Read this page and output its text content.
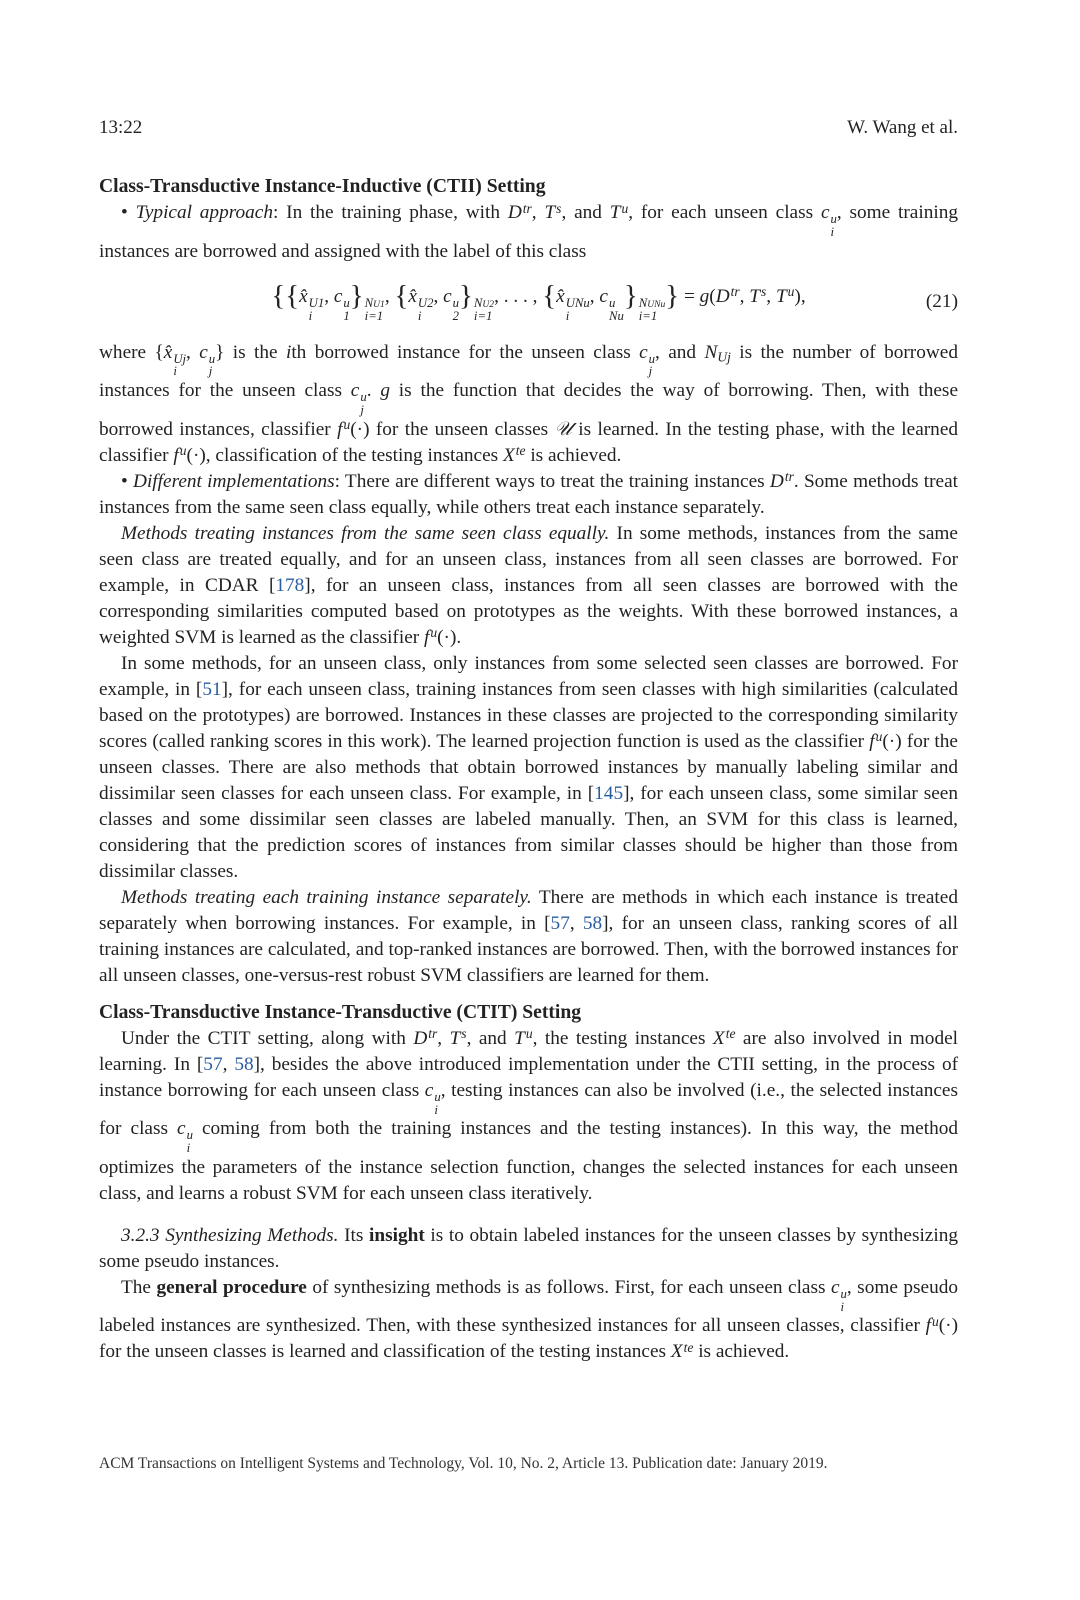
13:22	W. Wang et al.
Class-Transductive Instance-Inductive (CTII) Setting

• Typical approach: In the training phase, with $D^{tr}$, $T^s$, and $T^u$, for each unseen class c u
i
, some training instances are borrowed and assigned with the label of this class

{{x̂ U1
i
, c u
1
} NU1
i=1
, {x̂ U2
i
, c u
2
} NU2
i=1
, . . . , {x̂ UNu
i
, c u
Nu
} NUNu
i=1
} = $g(D^{tr}$, $T^s$, $T^u$),	(21)

where {x̂ Uj
i
, c u
j
} is the ith borrowed instance for the unseen class c u
j
, and NUj is the number of borrowed instances for the unseen class c u
j
. g is the function that decides the way of borrowing. Then, with these borrowed instances, classifier $f^u(\cdot)$ for the unseen classes 𝒰 is learned. In the testing phase, with the learned classifier $f^u(\cdot)$, classification of the testing instances $X^{te}$ is achieved.

• Different implementations: There are different ways to treat the training instances $D^{tr}$. Some methods treat instances from the same seen class equally, while others treat each instance separately.

Methods treating instances from the same seen class equally. In some methods, instances from the same seen class are treated equally, and for an unseen class, instances from all seen classes are borrowed. For example, in CDAR [178], for an unseen class, instances from all seen classes are borrowed with the corresponding similarities computed based on prototypes as the weights. With these borrowed instances, a weighted SVM is learned as the classifier $f^u(\cdot)$.

In some methods, for an unseen class, only instances from some selected seen classes are borrowed. For example, in [51], for each unseen class, training instances from seen classes with high similarities (calculated based on the prototypes) are borrowed. Instances in these classes are projected to the corresponding similarity scores (called ranking scores in this work). The learned projection function is used as the classifier $f^u(\cdot)$ for the unseen classes. There are also methods that obtain borrowed instances by manually labeling similar and dissimilar seen classes for each unseen class. For example, in [145], for each unseen class, some similar seen classes and some dissimilar seen classes are labeled manually. Then, an SVM for this class is learned, considering that the prediction scores of instances from similar classes should be higher than those from dissimilar classes.

Methods treating each training instance separately. There are methods in which each instance is treated separately when borrowing instances. For example, in [57, 58], for an unseen class, ranking scores of all training instances are calculated, and top-ranked instances are borrowed. Then, with the borrowed instances for all unseen classes, one-versus-rest robust SVM classifiers are learned for them.

Class-Transductive Instance-Transductive (CTIT) Setting

Under the CTIT setting, along with $D^{tr}$, $T^s$, and $T^u$, the testing instances $X^{te}$ are also involved in model learning. In [57, 58], besides the above introduced implementation under the CTII setting, in the process of instance borrowing for each unseen class c u
i
, testing instances can also be involved (i.e., the selected instances for class c u
i
coming from both the training instances and the testing instances). In this way, the method optimizes the parameters of the instance selection function, changes the selected instances for each unseen class, and learns a robust SVM for each unseen class iteratively.

3.2.3 Synthesizing Methods. Its insight is to obtain labeled instances for the unseen classes by synthesizing some pseudo instances.

The general procedure of synthesizing methods is as follows. First, for each unseen class c u
i
, some pseudo labeled instances are synthesized. Then, with these synthesized instances for all unseen classes, classifier $f^u(\cdot)$ for the unseen classes is learned and classification of the testing instances $X^{te}$ is achieved.

ACM Transactions on Intelligent Systems and Technology, Vol. 10, No. 2, Article 13. Publication date: January 2019.
